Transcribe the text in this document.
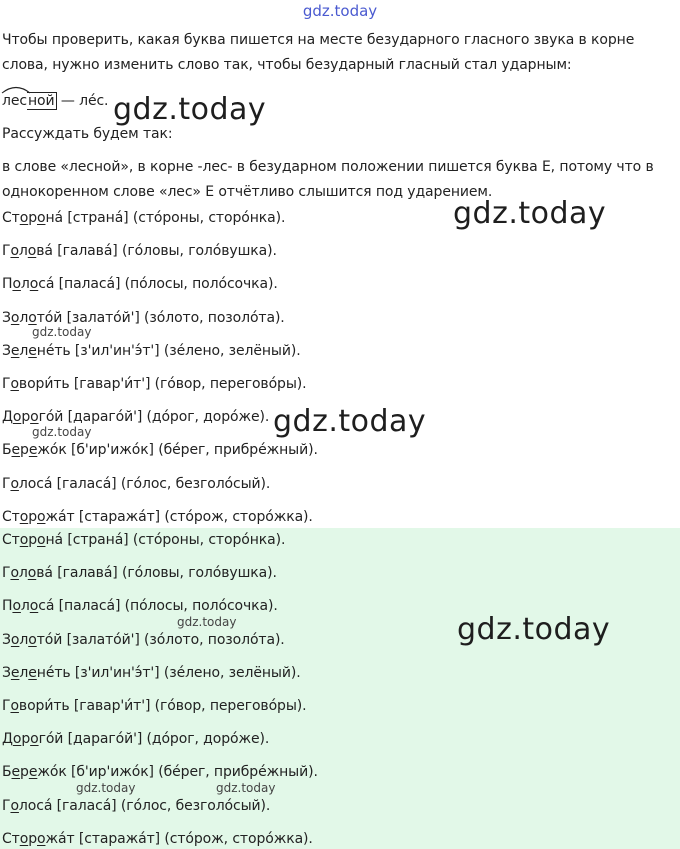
gdz.today
Чтобы проверить, какая буква пишется на месте безударного гласного звука в корне слова, нужно изменить слово так, чтобы безударный гласный стал ударным:
лесной — ле́с.
Рассуждать будем так:
в слове «лесной», в корне -лес- в безударном положении пишется буква Е, потому что в однокоренном слове «лес» Е отчётливо слышится под ударением.
Сторона́ [страна́] (сто́роны, сторо́нка).
Голова́ [галава́] (го́ловы, голо́вушка).
Полоса́ [паласа́] (по́лосы, поло́сочка).
Золото́й [залато́й'] (зо́лото, позоло́та).
Зелене́ть [з'ил'ин'э́т'] (зе́лено, зелёный).
Говори́ть [гавар'и́т'] (го́вор, перегово́ры).
Дорого́й [дараго́й'] (до́рог, доро́же).
Бережо́к [б'ир'ижо́к] (бе́рег, прибре́жный).
Голоса́ [галаса́] (го́лос, безголо́сый).
Сторожа́т [стаража́т] (сто́рож, сторо́жка).
Сторона́ [страна́] (сто́роны, сторо́нка).
Голова́ [галава́] (го́ловы, голо́вушка).
Полоса́ [паласа́] (по́лосы, поло́сочка).
Золото́й [залато́й'] (зо́лото, позоло́та).
Зелене́ть [з'ил'ин'э́т'] (зе́лено, зелёный).
Говори́ть [гавар'и́т'] (го́вор, перегово́ры).
Дорого́й [дараго́й'] (до́рог, доро́же).
Бережо́к [б'ир'ижо́к] (бе́рег, прибре́жный).
Голоса́ [галаса́] (го́лос, безголо́сый).
Сторожа́т [стаража́т] (сто́рож, сторо́жка).
gdz.today
gdz.today
gdz.today
gdz.today
gdz.today
gdz.today
gdz.today
gdz.today	gdz.today
